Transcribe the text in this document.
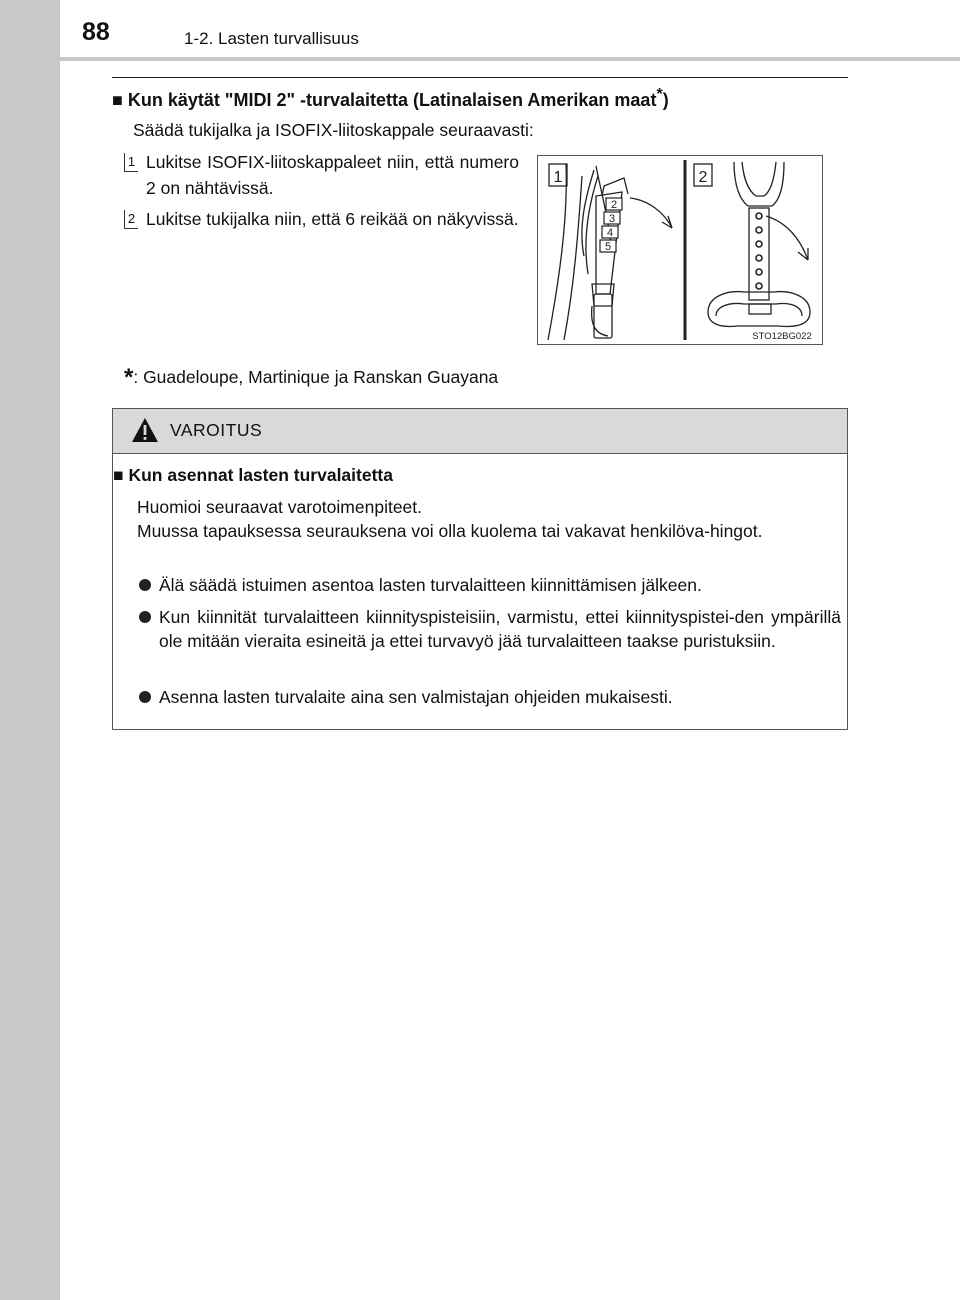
88	1-2. Lasten turvallisuus
■ Kun käytät "MIDI 2" -turvalaitetta (Latinalaisen Amerikan maat*)
Säädä tukijalka ja ISOFIX-liitoskappale seuraavasti:
1 Lukitse ISOFIX-liitoskappaleet niin, että numero 2 on nähtävissä.
2 Lukitse tukijalka niin, että 6 reikää on näkyvissä.
2
3
4
5
1	2
STO12BG022
*: Guadeloupe, Martinique ja Ranskan Guayana
VAROITUS
■ Kun asennat lasten turvalaitetta
Huomioi seuraavat varotoimenpiteet.
Muussa tapauksessa seurauksena voi olla kuolema tai vakavat henkilöva-hingot.
Älä säädä istuimen asentoa lasten turvalaitteen kiinnittämisen jälkeen.
Kun kiinnität turvalaitteen kiinnityspisteisiin, varmistu, ettei kiinnityspistei-den ympärillä ole mitään vieraita esineitä ja ettei turvavyö jää turvalaitteen taakse puristuksiin.
Asenna lasten turvalaite aina sen valmistajan ohjeiden mukaisesti.
